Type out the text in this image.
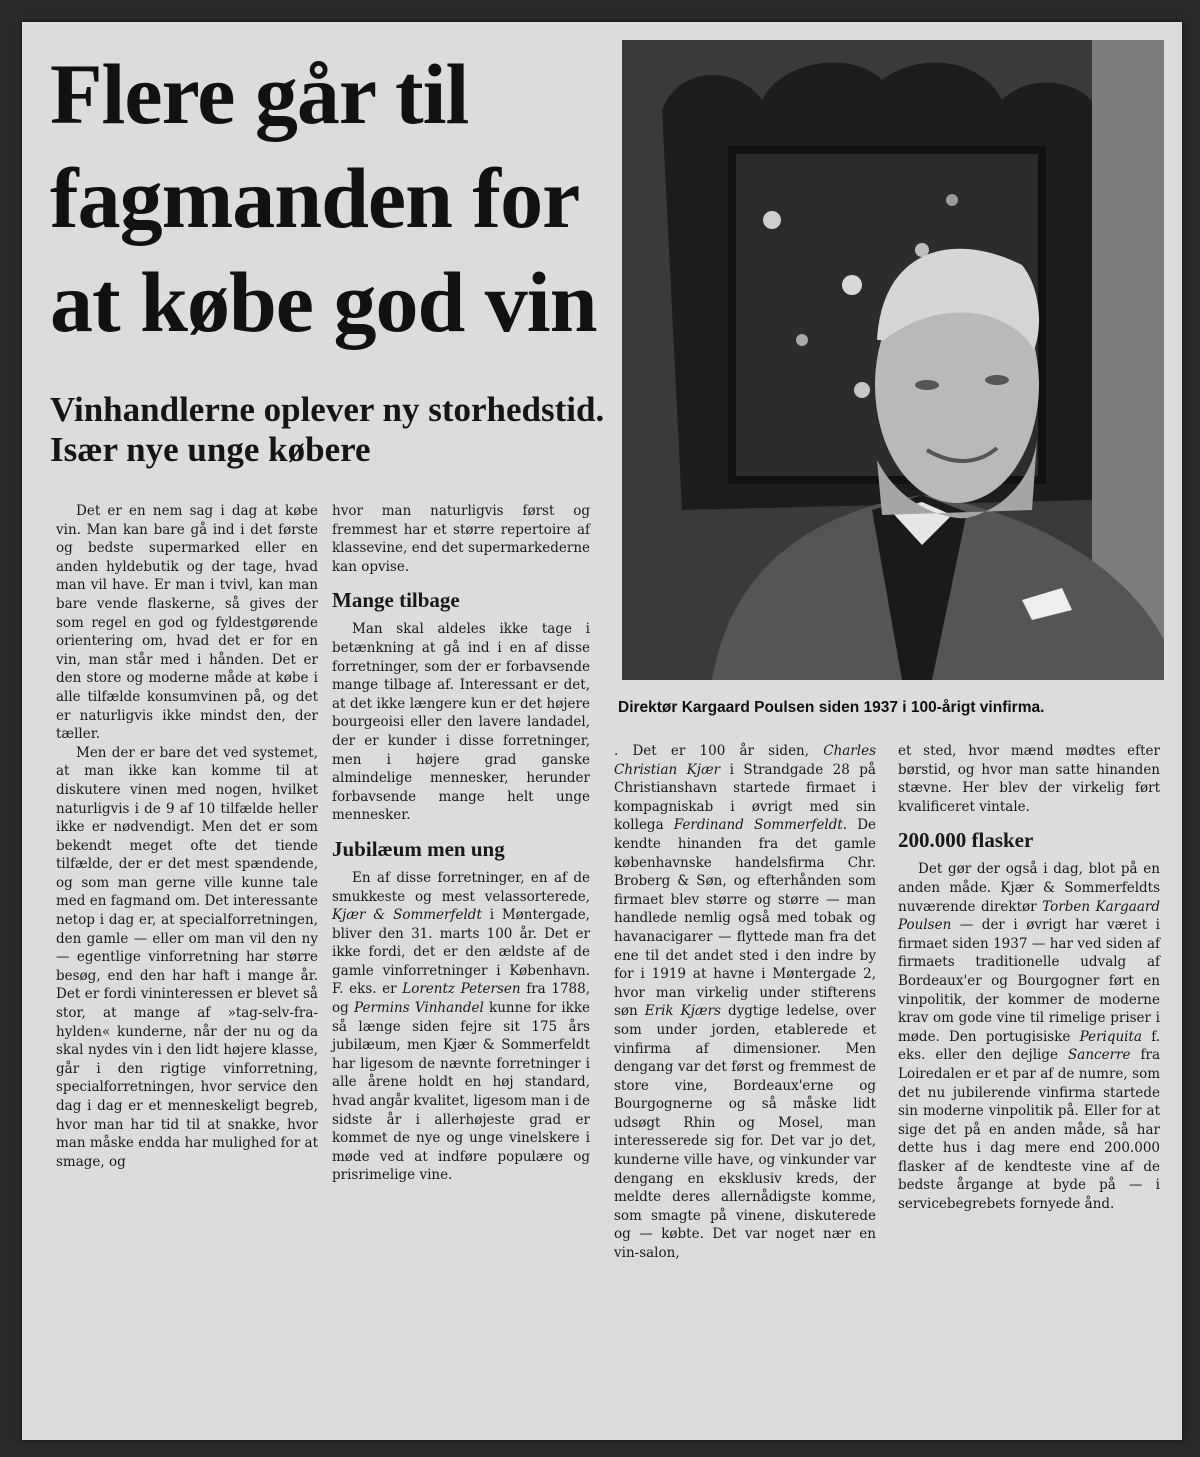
Flere går til fagmanden for at købe god vin
Vinhandlerne oplever ny storhedstid. Især nye unge købere

Direktør Kargaard Poulsen siden 1937 i 100-årigt vinfirma.

Det er en nem sag i dag at købe vin. Man kan bare gå ind i det første og bedste supermarked eller en anden hyldebutik og der tage, hvad man vil have. Er man i tvivl, kan man bare vende flaskerne, så gives der som regel en god og fyldestgørende orientering om, hvad det er for en vin, man står med i hånden. Det er den store og moderne måde at købe i alle tilfælde konsumvinen på, og det er naturligvis ikke mindst den, der tæller.

Men der er bare det ved systemet, at man ikke kan komme til at diskutere vinen med nogen, hvilket naturligvis i de 9 af 10 tilfælde heller ikke er nødvendigt. Men det er som bekendt meget ofte det tiende tilfælde, der er det mest spændende, og som man gerne ville kunne tale med en fagmand om. Det interessante netop i dag er, at specialforretningen, den gamle — eller om man vil den ny — egentlige vinforretning har større besøg, end den har haft i mange år. Det er fordi vininteressen er blevet så stor, at mange af »tag-selv-fra-hylden« kunderne, når der nu og da skal nydes vin i den lidt højere klasse, går i den rigtige vinforretning, specialforretningen, hvor service den dag i dag er et menneskeligt begreb, hvor man har tid til at snakke, hvor man måske endda har mulighed for at smage, og

hvor man naturligvis først og fremmest har et større repertoire af klassevine, end det supermarkederne kan opvise.

Mange tilbage

Man skal aldeles ikke tage i betænkning at gå ind i en af disse forretninger, som der er forbavsende mange tilbage af. Interessant er det, at det ikke længere kun er det højere bourgeoisi eller den lavere landadel, der er kunder i disse forretninger, men i højere grad ganske almindelige mennesker, herunder forbavsende mange helt unge mennesker.

Jubilæum men ung

En af disse forretninger, en af de smukkeste og mest velassorterede, Kjær & Sommerfeldt i Møntergade, bliver den 31. marts 100 år. Det er ikke fordi, det er den ældste af de gamle vinforretninger i København. F. eks. er Lorentz Petersen fra 1788, og Permins Vinhandel kunne for ikke så længe siden fejre sit 175 års jubilæum, men Kjær & Sommerfeldt har ligesom de nævnte forretninger i alle årene holdt en høj standard, hvad angår kvalitet, ligesom man i de sidste år i allerhøjeste grad er kommet de nye og unge vinelskere i møde ved at indføre populære og prisrimelige vine.

. Det er 100 år siden, Charles Christian Kjær i Strandgade 28 på Christianshavn startede firmaet i kompagniskab i øvrigt med sin kollega Ferdinand Sommerfeldt. De kendte hinanden fra det gamle københavnske handelsfirma Chr. Broberg & Søn, og efterhånden som firmaet blev større og større — man handlede nemlig også med tobak og havanacigarer — flyttede man fra det ene til det andet sted i den indre by for i 1919 at havne i Møntergade 2, hvor man virkelig under stifterens søn Erik Kjærs dygtige ledelse, over som under jorden, etablerede et vinfirma af dimensioner. Men dengang var det først og fremmest de store vine, Bordeaux'erne og Bourgognerne og så måske lidt udsøgt Rhin og Mosel, man interesserede sig for. Det var jo det, kunderne ville have, og vinkunder var dengang en eksklusiv kreds, der meldte deres allernådigste komme, som smagte på vinene, diskuterede og — købte. Det var noget nær en vin-salon,

et sted, hvor mænd mødtes efter børstid, og hvor man satte hinanden stævne. Her blev der virkelig ført kvalificeret vintale.

200.000 flasker

Det gør der også i dag, blot på en anden måde. Kjær & Sommerfeldts nuværende direktør Torben Kargaard Poulsen — der i øvrigt har været i firmaet siden 1937 — har ved siden af firmaets traditionelle udvalg af Bordeaux'er og Bourgogner ført en vinpolitik, der kommer de moderne krav om gode vine til rimelige priser i møde. Den portugisiske Periquita f. eks. eller den dejlige Sancerre fra Loiredalen er et par af de numre, som det nu jubilerende vinfirma startede sin moderne vinpolitik på. Eller for at sige det på en anden måde, så har dette hus i dag mere end 200.000 flasker af de kendteste vine af de bedste årgange at byde på — i servicebegrebets fornyede ånd.
